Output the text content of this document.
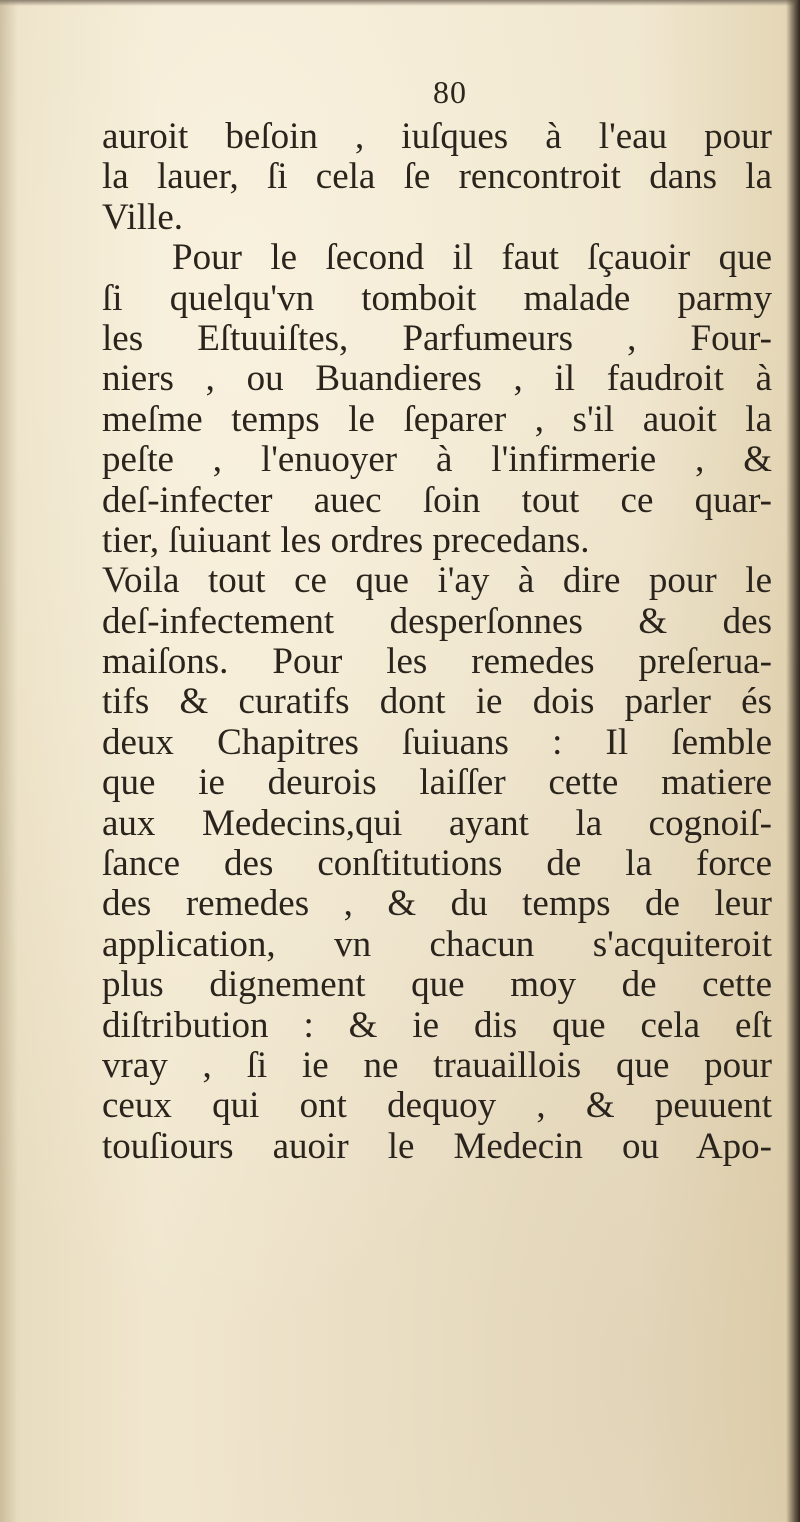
80
auroit beſoin , iuſques à l'eau pour
la lauer, ſi cela ſe rencontroit dans la
Ville.
Pour le ſecond il faut ſçauoir que
ſi quelqu'vn tomboit malade parmy
les Eſtuuiſtes, Parfumeurs , Four-
niers , ou Buandieres , il faudroit à
meſme temps le ſeparer , s'il auoit la
peſte , l'enuoyer à l'infirmerie , &
deſ-infecter auec ſoin tout ce quar-
tier, ſuiuant les ordres precedans.
Voila tout ce que i'ay à dire pour le
deſ-infectement desperſonnes & des
maiſons. Pour les remedes preſerua-
tifs & curatifs dont ie dois parler és
deux Chapitres ſuiuans : Il ſemble
que ie deurois laiſſer cette matiere
aux Medecins,qui ayant la cognoiſ-
ſance des conſtitutions de la force
des remedes , & du temps de leur
application, vn chacun s'acquiteroit
plus dignement que moy de cette
diſtribution : & ie dis que cela eſt
vray , ſi ie ne trauaillois que pour
ceux qui ont dequoy , & peuuent
touſiours auoir le Medecin ou Apo-
